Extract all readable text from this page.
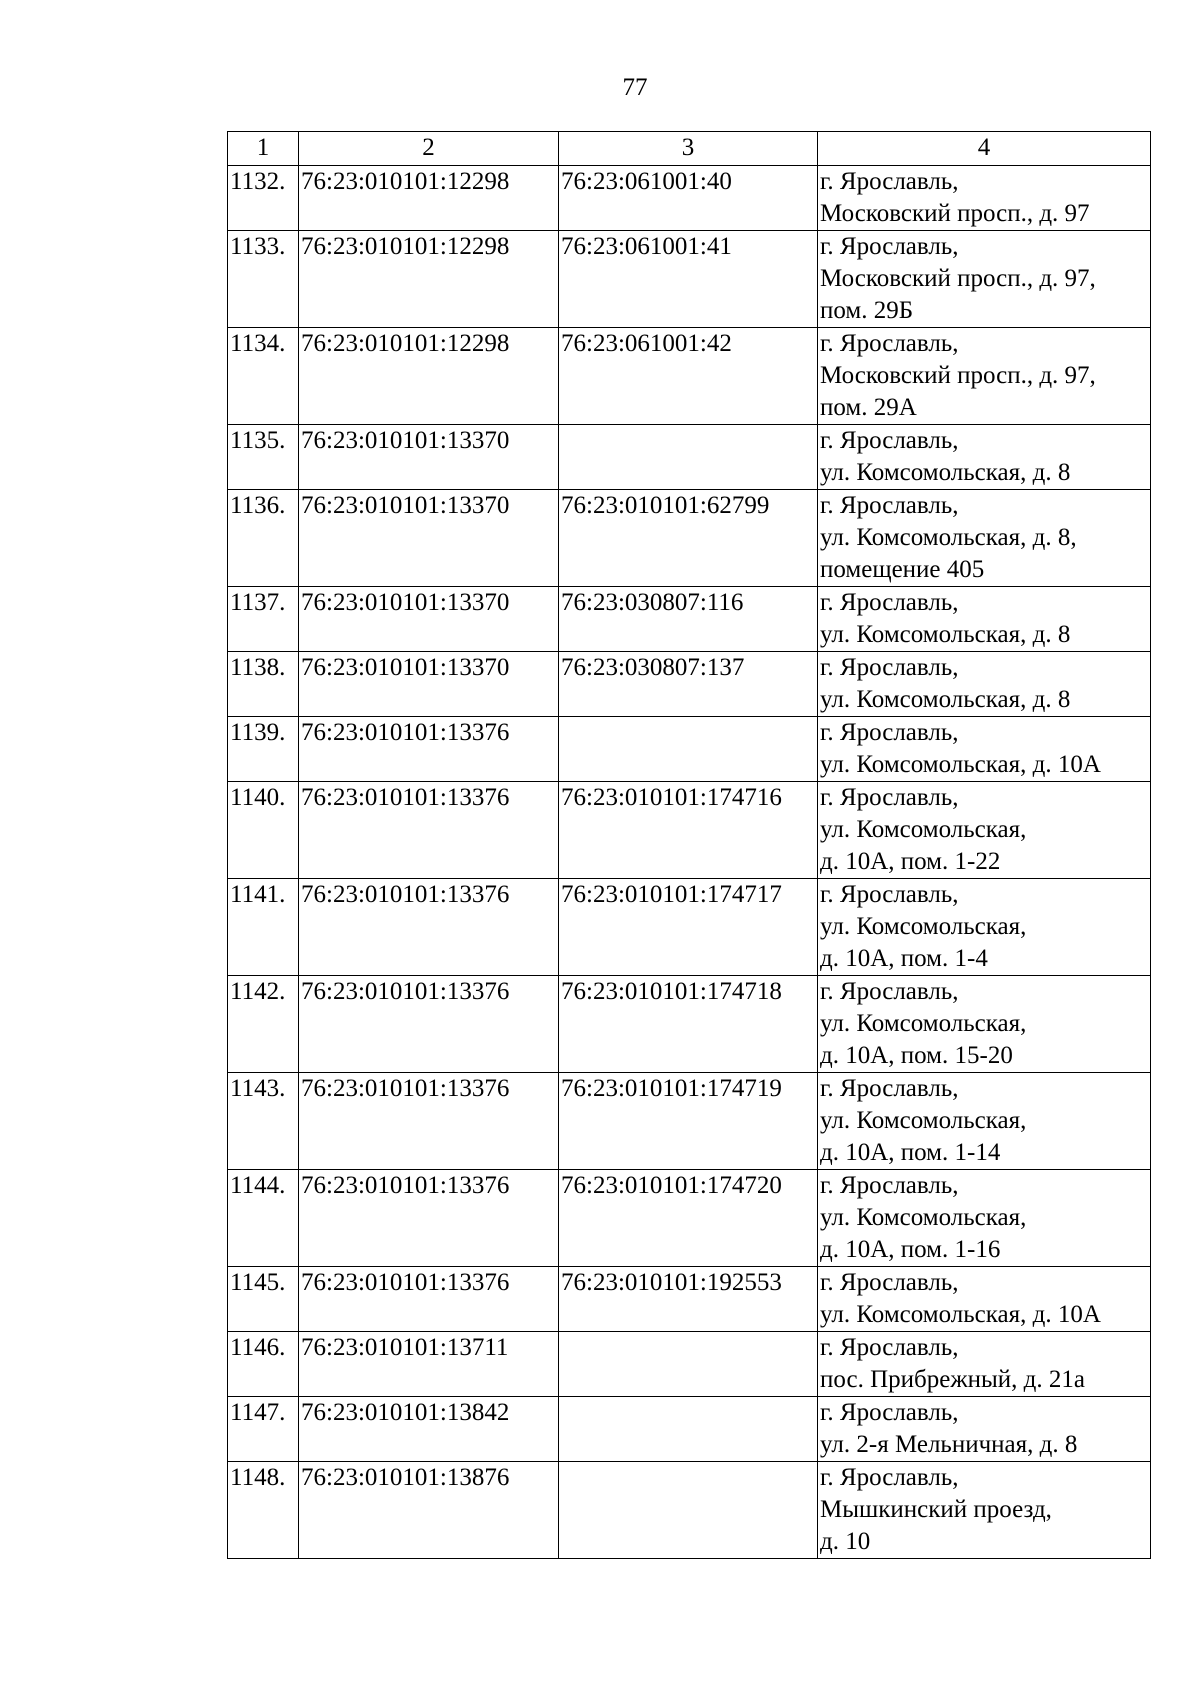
77
1	2	3	4
1132.	76:23:010101:12298	76:23:061001:40	г. Ярославль,
Московский просп., д. 97

1133.	76:23:010101:12298	76:23:061001:41	г. Ярославль,
Московский просп., д. 97,
пом. 29Б

1134.	76:23:010101:12298	76:23:061001:42	г. Ярославль,
Московский просп., д. 97,
пом. 29А

1135.	76:23:010101:13370		г. Ярославль,
ул. Комсомольская, д. 8

1136.	76:23:010101:13370	76:23:010101:62799	г. Ярославль,
ул. Комсомольская, д. 8,
помещение 405

1137.	76:23:010101:13370	76:23:030807:116	г. Ярославль,
ул. Комсомольская, д. 8

1138.	76:23:010101:13370	76:23:030807:137	г. Ярославль,
ул. Комсомольская, д. 8

1139.	76:23:010101:13376		г. Ярославль,
ул. Комсомольская, д. 10А

1140.	76:23:010101:13376	76:23:010101:174716	г. Ярославль,
ул. Комсомольская,
д. 10А, пом. 1-22

1141.	76:23:010101:13376	76:23:010101:174717	г. Ярославль,
ул. Комсомольская,
д. 10А, пом. 1-4

1142.	76:23:010101:13376	76:23:010101:174718	г. Ярославль,
ул. Комсомольская,
д. 10А, пом. 15-20

1143.	76:23:010101:13376	76:23:010101:174719	г. Ярославль,
ул. Комсомольская,
д. 10А, пом. 1-14

1144.	76:23:010101:13376	76:23:010101:174720	г. Ярославль,
ул. Комсомольская,
д. 10А, пом. 1-16

1145.	76:23:010101:13376	76:23:010101:192553	г. Ярославль,
ул. Комсомольская, д. 10А

1146.	76:23:010101:13711		г. Ярославль,
пос. Прибрежный, д. 21а

1147.	76:23:010101:13842		г. Ярославль,
ул. 2-я Мельничная, д. 8

1148.	76:23:010101:13876		г. Ярославль,
Мышкинский проезд,
д. 10
